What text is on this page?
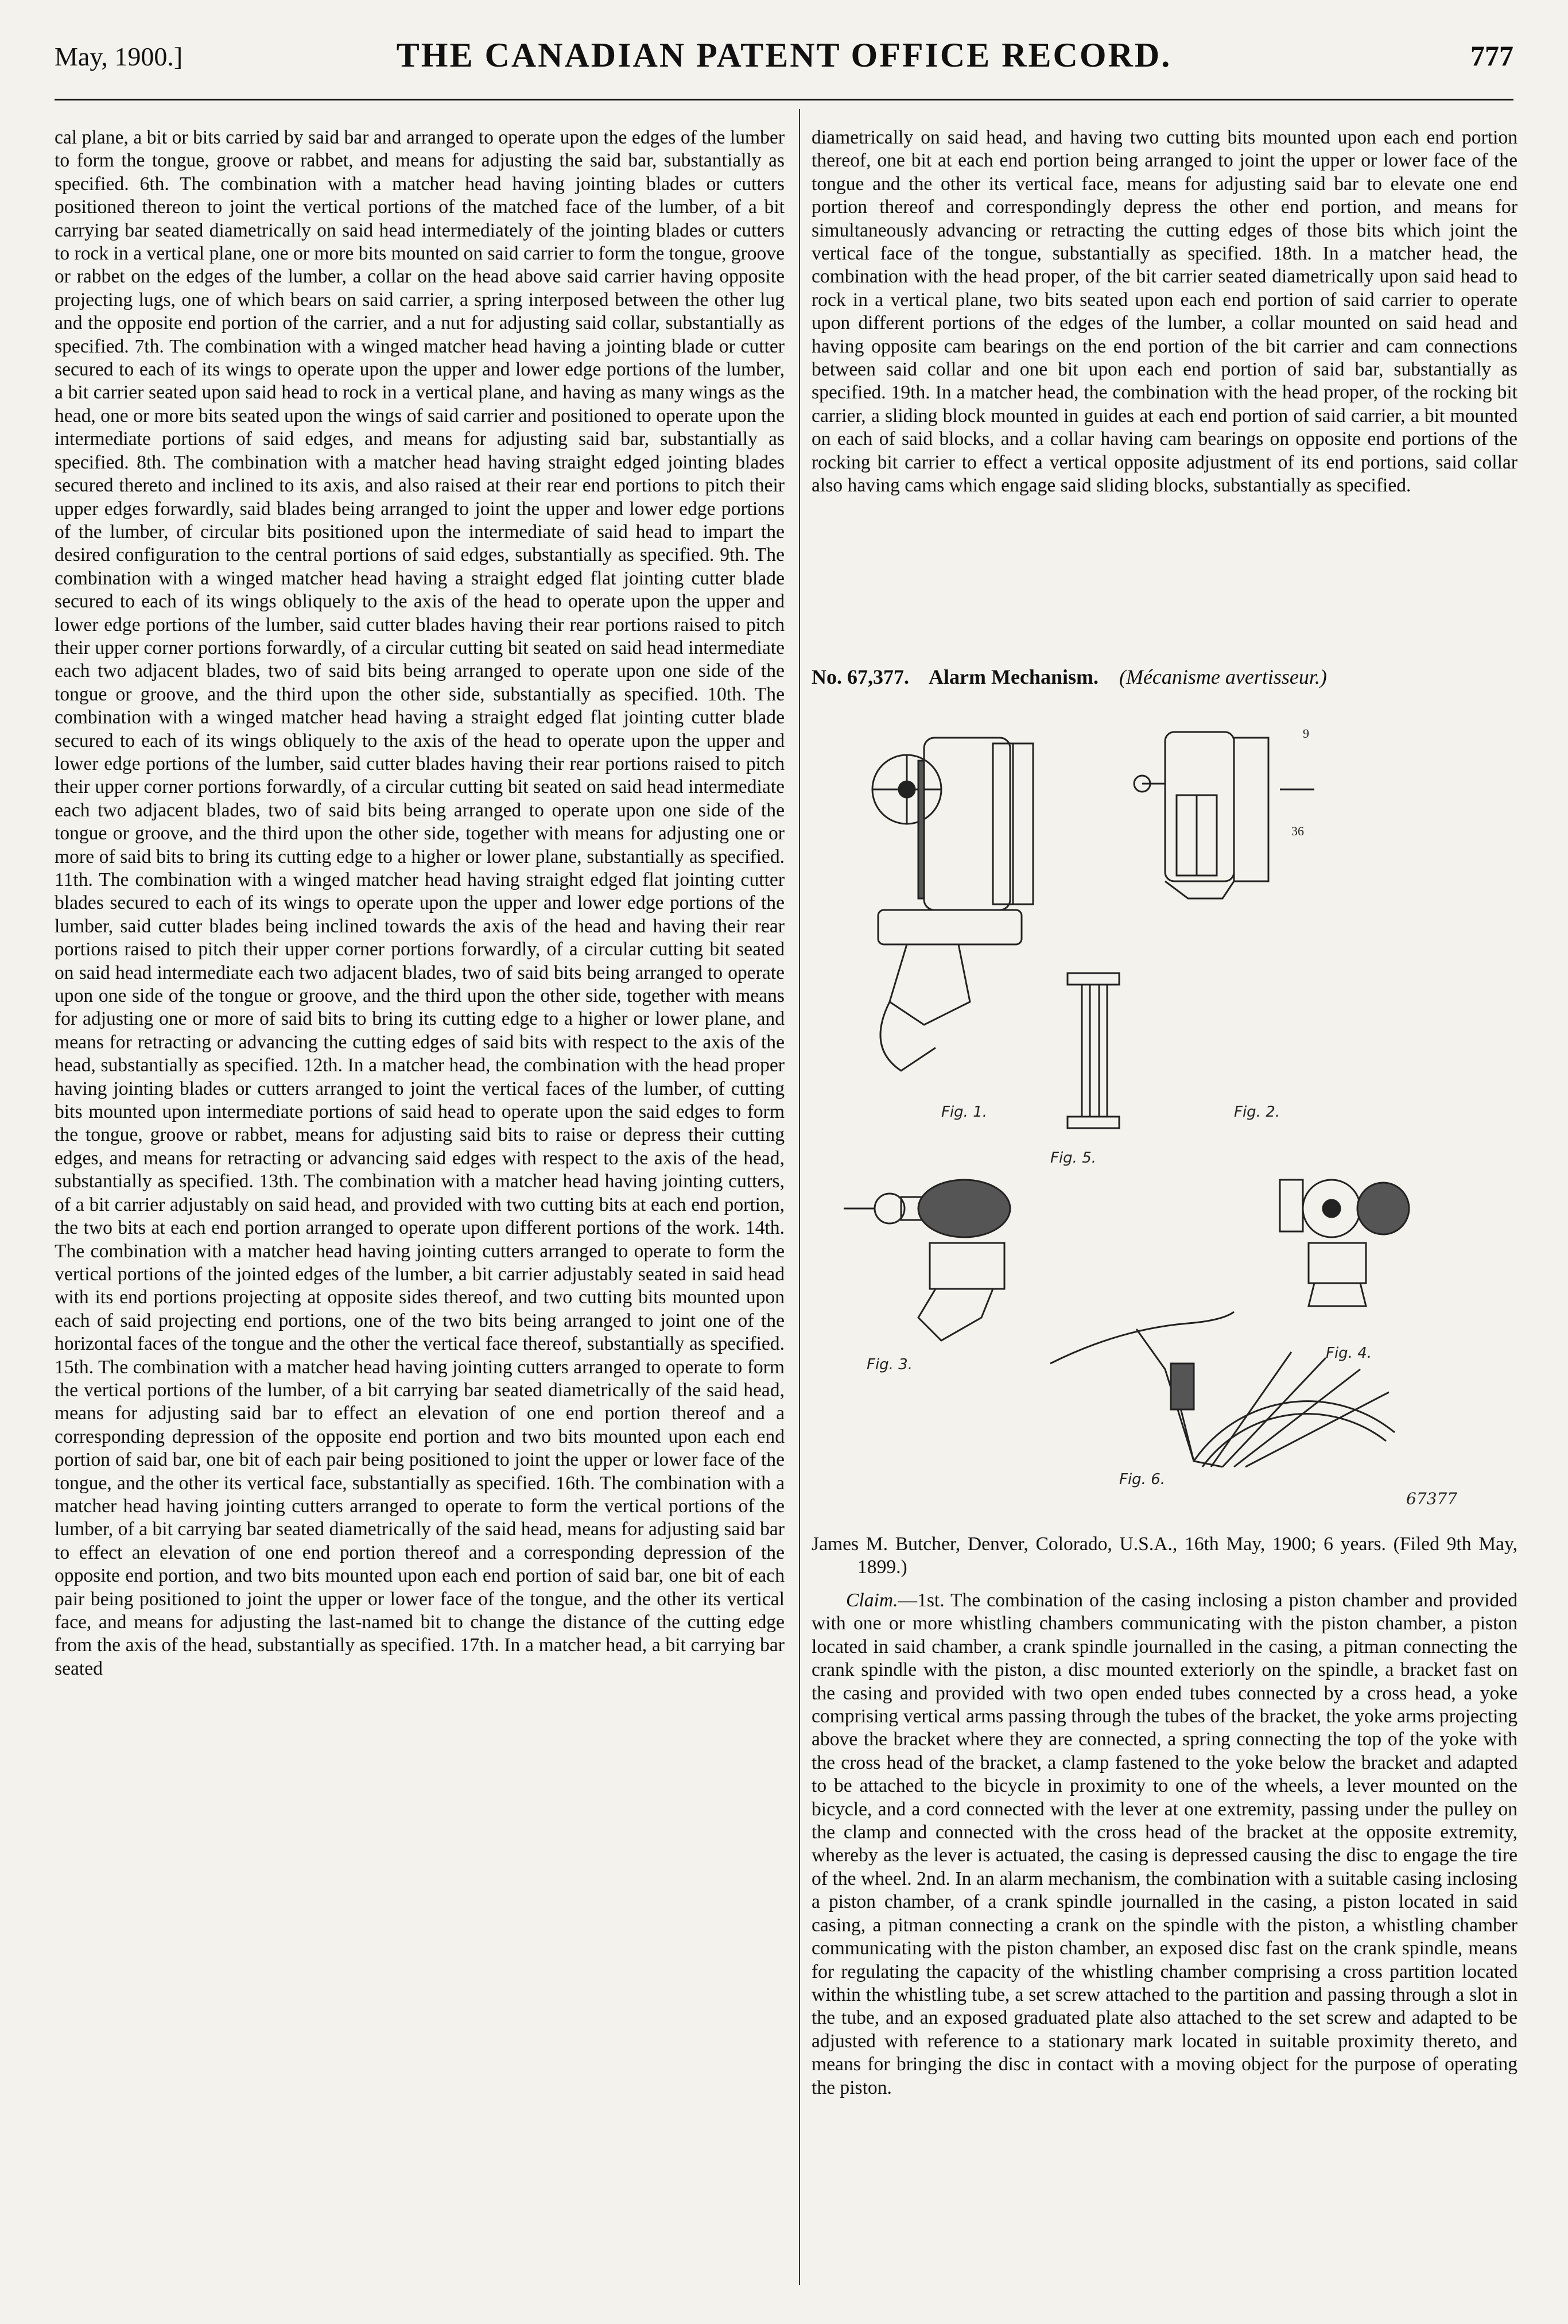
May, 1900.]	THE CANADIAN PATENT OFFICE RECORD.	777

cal plane, a bit or bits carried by said bar and arranged to operate upon the edges of the lumber to form the tongue, groove or rabbet, and means for adjusting the said bar, substantially as specified. 6th. The combination with a matcher head having jointing blades or cutters positioned thereon to joint the vertical portions of the matched face of the lumber, of a bit carrying bar seated diametrically on said head intermediately of the jointing blades or cutters to rock in a vertical plane, one or more bits mounted on said carrier to form the tongue, groove or rabbet on the edges of the lumber, a collar on the head above said carrier having opposite projecting lugs, one of which bears on said carrier, a spring interposed between the other lug and the opposite end portion of the carrier, and a nut for adjusting said collar, substantially as specified. 7th. The combination with a winged matcher head having a jointing blade or cutter secured to each of its wings to operate upon the upper and lower edge portions of the lumber, a bit carrier seated upon said head to rock in a vertical plane, and having as many wings as the head, one or more bits seated upon the wings of said carrier and positioned to operate upon the intermediate portions of said edges, and means for adjusting said bar, substantially as specified. 8th. The combination with a matcher head having straight edged jointing blades secured thereto and inclined to its axis, and also raised at their rear end portions to pitch their upper edges forwardly, said blades being arranged to joint the upper and lower edge portions of the lumber, of circular bits positioned upon the intermediate of said head to impart the desired configuration to the central portions of said edges, substantially as specified. 9th. The combination with a winged matcher head having a straight edged flat jointing cutter blade secured to each of its wings obliquely to the axis of the head to operate upon the upper and lower edge portions of the lumber, said cutter blades having their rear portions raised to pitch their upper corner portions forwardly, of a circular cutting bit seated on said head intermediate each two adjacent blades, two of said bits being arranged to operate upon one side of the tongue or groove, and the third upon the other side, substantially as specified. 10th. The combination with a winged matcher head having a straight edged flat jointing cutter blade secured to each of its wings obliquely to the axis of the head to operate upon the upper and lower edge portions of the lumber, said cutter blades having their rear portions raised to pitch their upper corner portions forwardly, of a circular cutting bit seated on said head intermediate each two adjacent blades, two of said bits being arranged to operate upon one side of the tongue or groove, and the third upon the other side, together with means for adjusting one or more of said bits to bring its cutting edge to a higher or lower plane, substantially as specified. 11th. The combination with a winged matcher head having straight edged flat jointing cutter blades secured to each of its wings to operate upon the upper and lower edge portions of the lumber, said cutter blades being inclined towards the axis of the head and having their rear portions raised to pitch their upper corner portions forwardly, of a circular cutting bit seated on said head intermediate each two adjacent blades, two of said bits being arranged to operate upon one side of the tongue or groove, and the third upon the other side, together with means for adjusting one or more of said bits to bring its cutting edge to a higher or lower plane, and means for retracting or advancing the cutting edges of said bits with respect to the axis of the head, substantially as specified. 12th. In a matcher head, the combination with the head proper having jointing blades or cutters arranged to joint the vertical faces of the lumber, of cutting bits mounted upon intermediate portions of said head to operate upon the said edges to form the tongue, groove or rabbet, means for adjusting said bits to raise or depress their cutting edges, and means for retracting or advancing said edges with respect to the axis of the head, substantially as specified. 13th. The combination with a matcher head having jointing cutters, of a bit carrier adjustably on said head, and provided with two cutting bits at each end portion, the two bits at each end portion arranged to operate upon different portions of the work. 14th. The combination with a matcher head having jointing cutters arranged to operate to form the vertical portions of the jointed edges of the lumber, a bit carrier adjustably seated in said head with its end portions projecting at opposite sides thereof, and two cutting bits mounted upon each of said projecting end portions, one of the two bits being arranged to joint one of the horizontal faces of the tongue and the other the vertical face thereof, substantially as specified. 15th. The combination with a matcher head having jointing cutters arranged to operate to form the vertical portions of the lumber, of a bit carrying bar seated diametrically of the said head, means for adjusting said bar to effect an elevation of one end portion thereof and a corresponding depression of the opposite end portion and two bits mounted upon each end portion of said bar, one bit of each pair being positioned to joint the upper or lower face of the tongue, and the other its vertical face, substantially as specified. 16th. The combination with a matcher head having jointing cutters arranged to operate to form the vertical portions of the lumber, of a bit carrying bar seated diametrically of the said head, means for adjusting said bar to effect an elevation of one end portion thereof and a corresponding depression of the opposite end portion, and two bits mounted upon each end portion of said bar, one bit of each pair being positioned to joint the upper or lower face of the tongue, and the other its vertical face, and means for adjusting the last-named bit to change the distance of the cutting edge from the axis of the head, substantially as specified. 17th. In a matcher head, a bit carrying bar seated

diametrically on said head, and having two cutting bits mounted upon each end portion thereof, one bit at each end portion being arranged to joint the upper or lower face of the tongue and the other its vertical face, means for adjusting said bar to elevate one end portion thereof and correspondingly depress the other end portion, and means for simultaneously advancing or retracting the cutting edges of those bits which joint the vertical face of the tongue, substantially as specified. 18th. In a matcher head, the combination with the head proper, of the bit carrier seated diametrically upon said head to rock in a vertical plane, two bits seated upon each end portion of said carrier to operate upon different portions of the edges of the lumber, a collar mounted on said head and having opposite cam bearings on the end portion of the bit carrier and cam connections between said collar and one bit upon each end portion of said bar, substantially as specified. 19th. In a matcher head, the combination with the head proper, of the rocking bit carrier, a sliding block mounted in guides at each end portion of said carrier, a bit mounted on each of said blocks, and a collar having cam bearings on opposite end portions of the rocking bit carrier to effect a vertical opposite adjustment of its end portions, said collar also having cams which engage said sliding blocks, substantially as specified.

No. 67,377. Alarm Mechanism. (Mécanisme avertisseur.)
Fig. 1.
9
36
Fig. 2.
Fig. 5.
Fig. 3.
Fig. 4.
Fig. 6.
67377

James M. Butcher, Denver, Colorado, U.S.A., 16th May, 1900; 6 years. (Filed 9th May, 1899.)

Claim.—1st. The combination of the casing inclosing a piston chamber and provided with one or more whistling chambers communicating with the piston chamber, a piston located in said chamber, a crank spindle journalled in the casing, a pitman connecting the crank spindle with the piston, a disc mounted exteriorly on the spindle, a bracket fast on the casing and provided with two open ended tubes connected by a cross head, a yoke comprising vertical arms passing through the tubes of the bracket, the yoke arms projecting above the bracket where they are connected, a spring connecting the top of the yoke with the cross head of the bracket, a clamp fastened to the yoke below the bracket and adapted to be attached to the bicycle in proximity to one of the wheels, a lever mounted on the bicycle, and a cord connected with the lever at one extremity, passing under the pulley on the clamp and connected with the cross head of the bracket at the opposite extremity, whereby as the lever is actuated, the casing is depressed causing the disc to engage the tire of the wheel. 2nd. In an alarm mechanism, the combination with a suitable casing inclosing a piston chamber, of a crank spindle journalled in the casing, a piston located in said casing, a pitman connecting a crank on the spindle with the piston, a whistling chamber communicating with the piston chamber, an exposed disc fast on the crank spindle, means for regulating the capacity of the whistling chamber comprising a cross partition located within the whistling tube, a set screw attached to the partition and passing through a slot in the tube, and an exposed graduated plate also attached to the set screw and adapted to be adjusted with reference to a stationary mark located in suitable proximity thereto, and means for bringing the disc in contact with a moving object for the purpose of operating the piston.
